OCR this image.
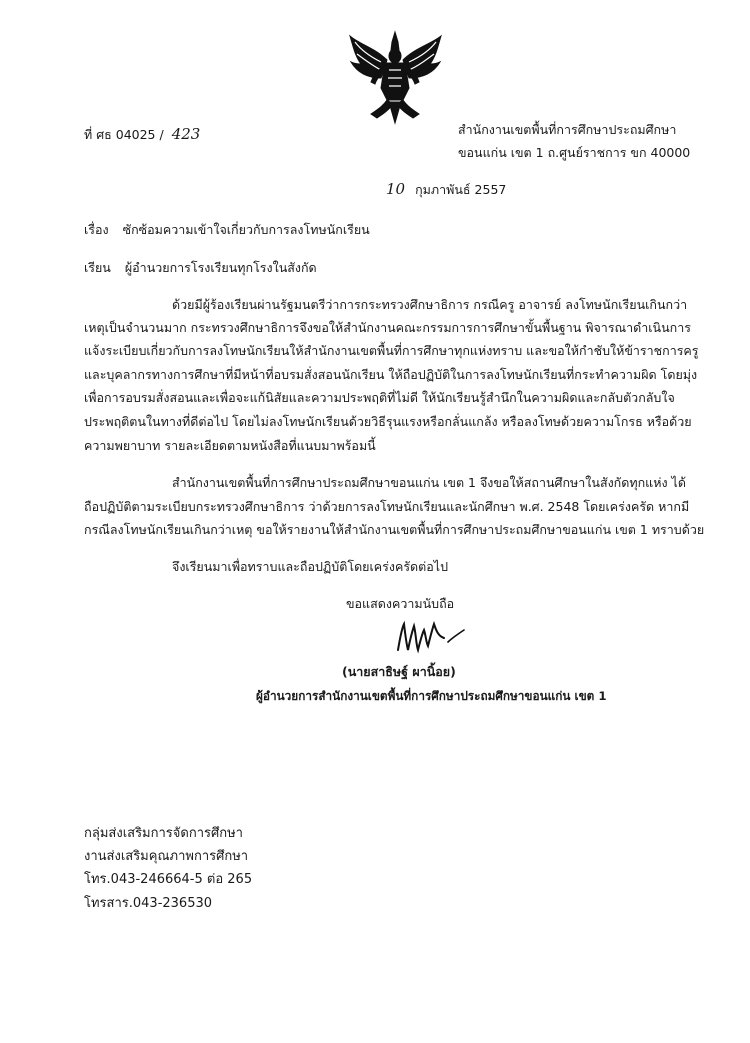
ที่ ศธ 04025 / 423	สำนักงานเขตพื้นที่การศึกษาประถมศึกษา
ขอนแก่น เขต 1 ถ.ศูนย์ราชการ ขก 40000
10 กุมภาพันธ์ 2557
เรื่อง ซักซ้อมความเข้าใจเกี่ยวกับการลงโทษนักเรียน
เรียน ผู้อำนวยการโรงเรียนทุกโรงในสังกัด
ด้วยมีผู้ร้องเรียนผ่านรัฐมนตรีว่าการกระทรวงศึกษาธิการ กรณีครู อาจารย์ ลงโทษนักเรียนเกินกว่า
เหตุเป็นจำนวนมาก กระทรวงศึกษาธิการจึงขอให้สำนักงานคณะกรรมการการศึกษาขั้นพื้นฐาน พิจารณาดำเนินการ
แจ้งระเบียบเกี่ยวกับการลงโทษนักเรียนให้สำนักงานเขตพื้นที่การศึกษาทุกแห่งทราบ และขอให้กำชับให้ข้าราชการครู
และบุคลากรทางการศึกษาที่มีหน้าที่อบรมสั่งสอนนักเรียน ให้ถือปฏิบัติในการลงโทษนักเรียนที่กระทำความผิด โดยมุ่ง
เพื่อการอบรมสั่งสอนและเพื่อจะแก้นิสัยและความประพฤติที่ไม่ดี ให้นักเรียนรู้สำนึกในความผิดและกลับตัวกลับใจ
ประพฤติตนในทางที่ดีต่อไป โดยไม่ลงโทษนักเรียนด้วยวิธีรุนแรงหรือกลั่นแกล้ง หรือลงโทษด้วยความโกรธ หรือด้วย
ความพยาบาท รายละเอียดตามหนังสือที่แนบมาพร้อมนี้
สำนักงานเขตพื้นที่การศึกษาประถมศึกษาขอนแก่น เขต 1 จึงขอให้สถานศึกษาในสังกัดทุกแห่ง ได้
ถือปฏิบัติตามระเบียบกระทรวงศึกษาธิการ ว่าด้วยการลงโทษนักเรียนและนักศึกษา พ.ศ. 2548 โดยเคร่งครัด หากมี
กรณีลงโทษนักเรียนเกินกว่าเหตุ ขอให้รายงานให้สำนักงานเขตพื้นที่การศึกษาประถมศึกษาขอนแก่น เขต 1 ทราบด้วย
จึงเรียนมาเพื่อทราบและถือปฏิบัติโดยเคร่งครัดต่อไป
ขอแสดงความนับถือ
(นายสาธิษฐ์ ผานิ้อย)
ผู้อำนวยการสำนักงานเขตพื้นที่การศึกษาประถมศึกษาขอนแก่น เขต 1
กลุ่มส่งเสริมการจัดการศึกษา
งานส่งเสริมคุณภาพการศึกษา
โทร.043-246664-5 ต่อ 265
โทรสาร.043-236530
